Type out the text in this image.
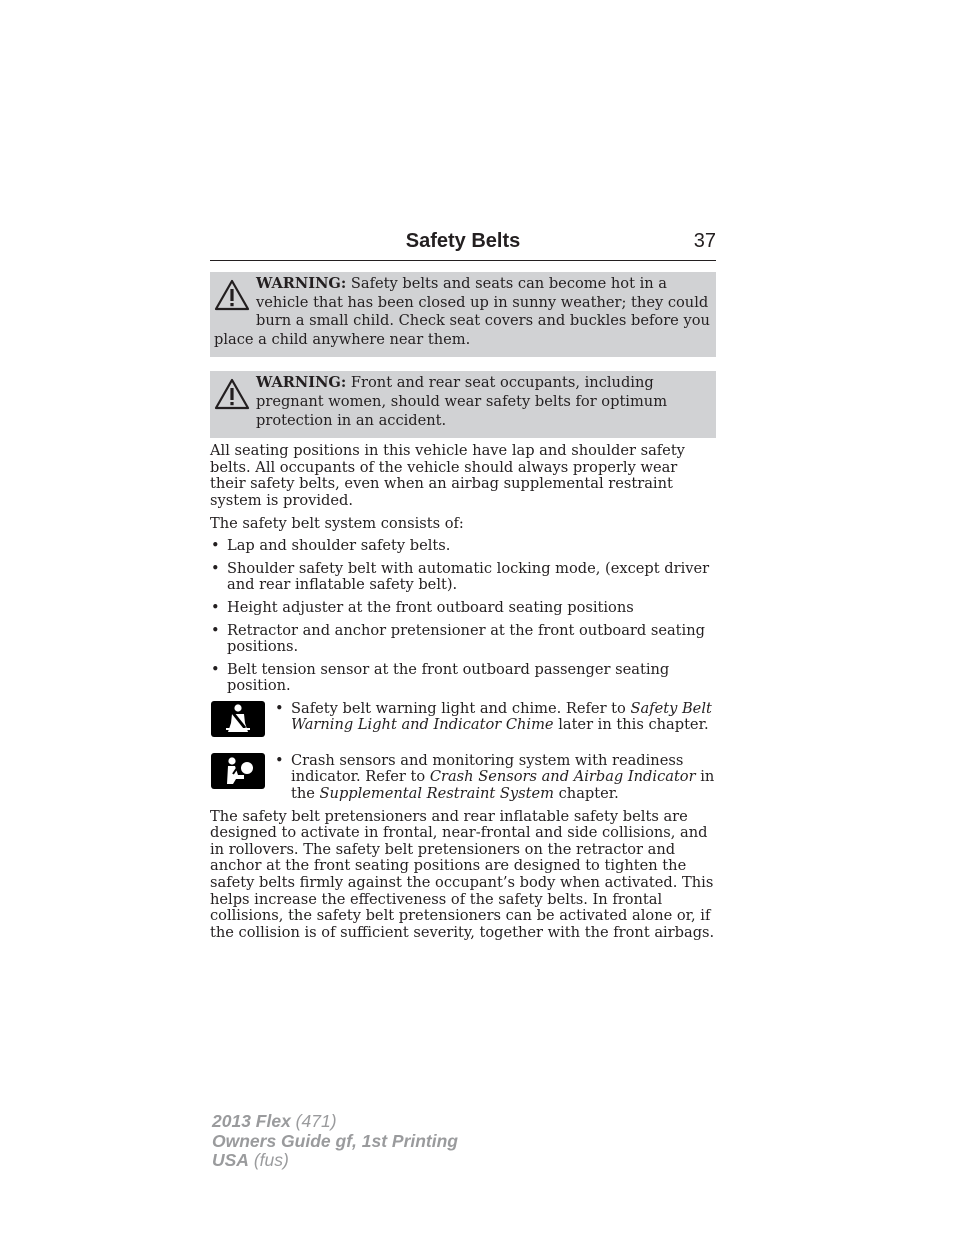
Safety Belts	37
WARNING: Safety belts and seats can become hot in a vehicle that has been closed up in sunny weather; they could burn a small child. Check seat covers and buckles before you place a child anywhere near them.
WARNING: Front and rear seat occupants, including pregnant women, should wear safety belts for optimum protection in an accident.

All seating positions in this vehicle have lap and shoulder safety belts. All occupants of the vehicle should always properly wear their safety belts, even when an airbag supplemental restraint system is provided.

The safety belt system consists of:

• Lap and shoulder safety belts.
• Shoulder safety belt with automatic locking mode, (except driver and rear inflatable safety belt).
• Height adjuster at the front outboard seating positions
• Retractor and anchor pretensioner at the front outboard seating positions.
• Belt tension sensor at the front outboard passenger seating position.
• Safety belt warning light and chime. Refer to Safety Belt Warning Light and Indicator Chime later in this chapter.
• Crash sensors and monitoring system with readiness indicator. Refer to Crash Sensors and Airbag Indicator in the Supplemental Restraint System chapter.

The safety belt pretensioners and rear inflatable safety belts are designed to activate in frontal, near-frontal and side collisions, and in rollovers. The safety belt pretensioners on the retractor and anchor at the front seating positions are designed to tighten the safety belts firmly against the occupant’s body when activated. This helps increase the effectiveness of the safety belts. In frontal collisions, the safety belt pretensioners can be activated alone or, if the collision is of sufficient severity, together with the front airbags.

2013 Flex (471)
Owners Guide gf, 1st Printing
USA (fus)
